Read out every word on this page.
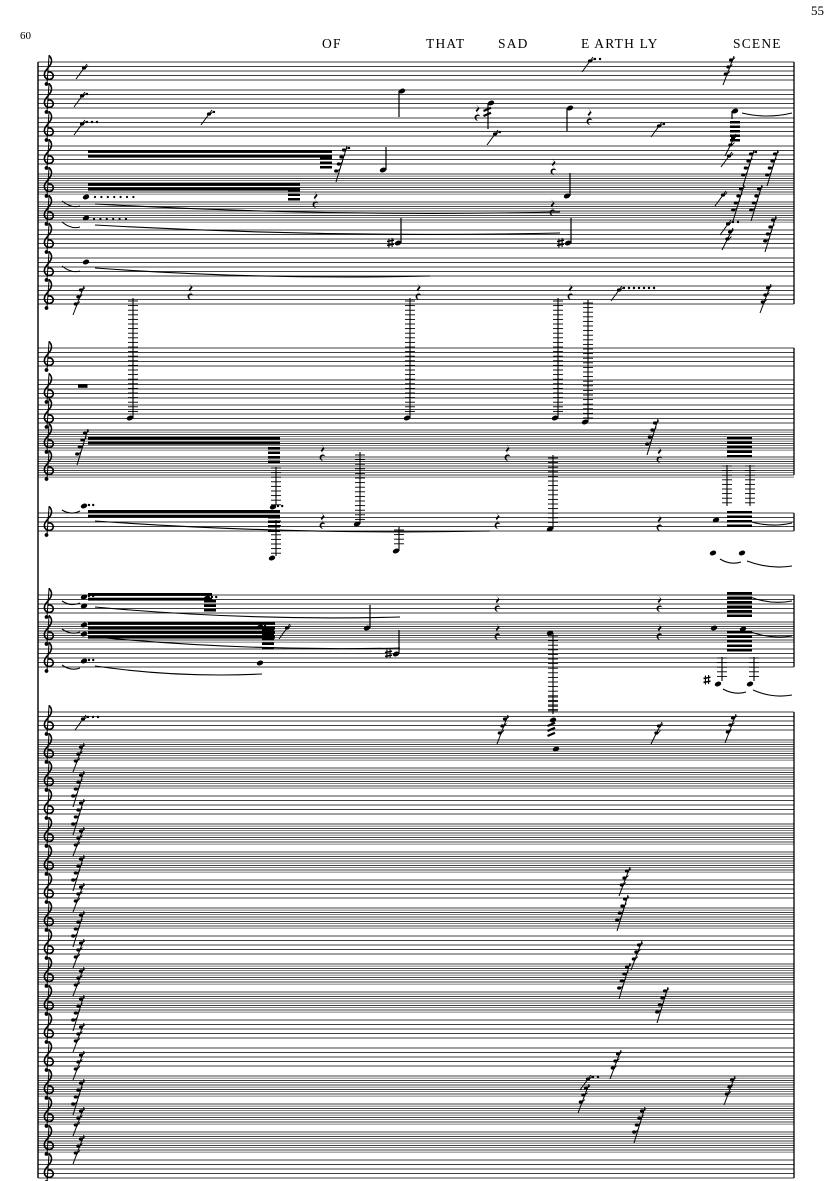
55
60	OF	THAT SAD	E ARTH LY	SCENE
